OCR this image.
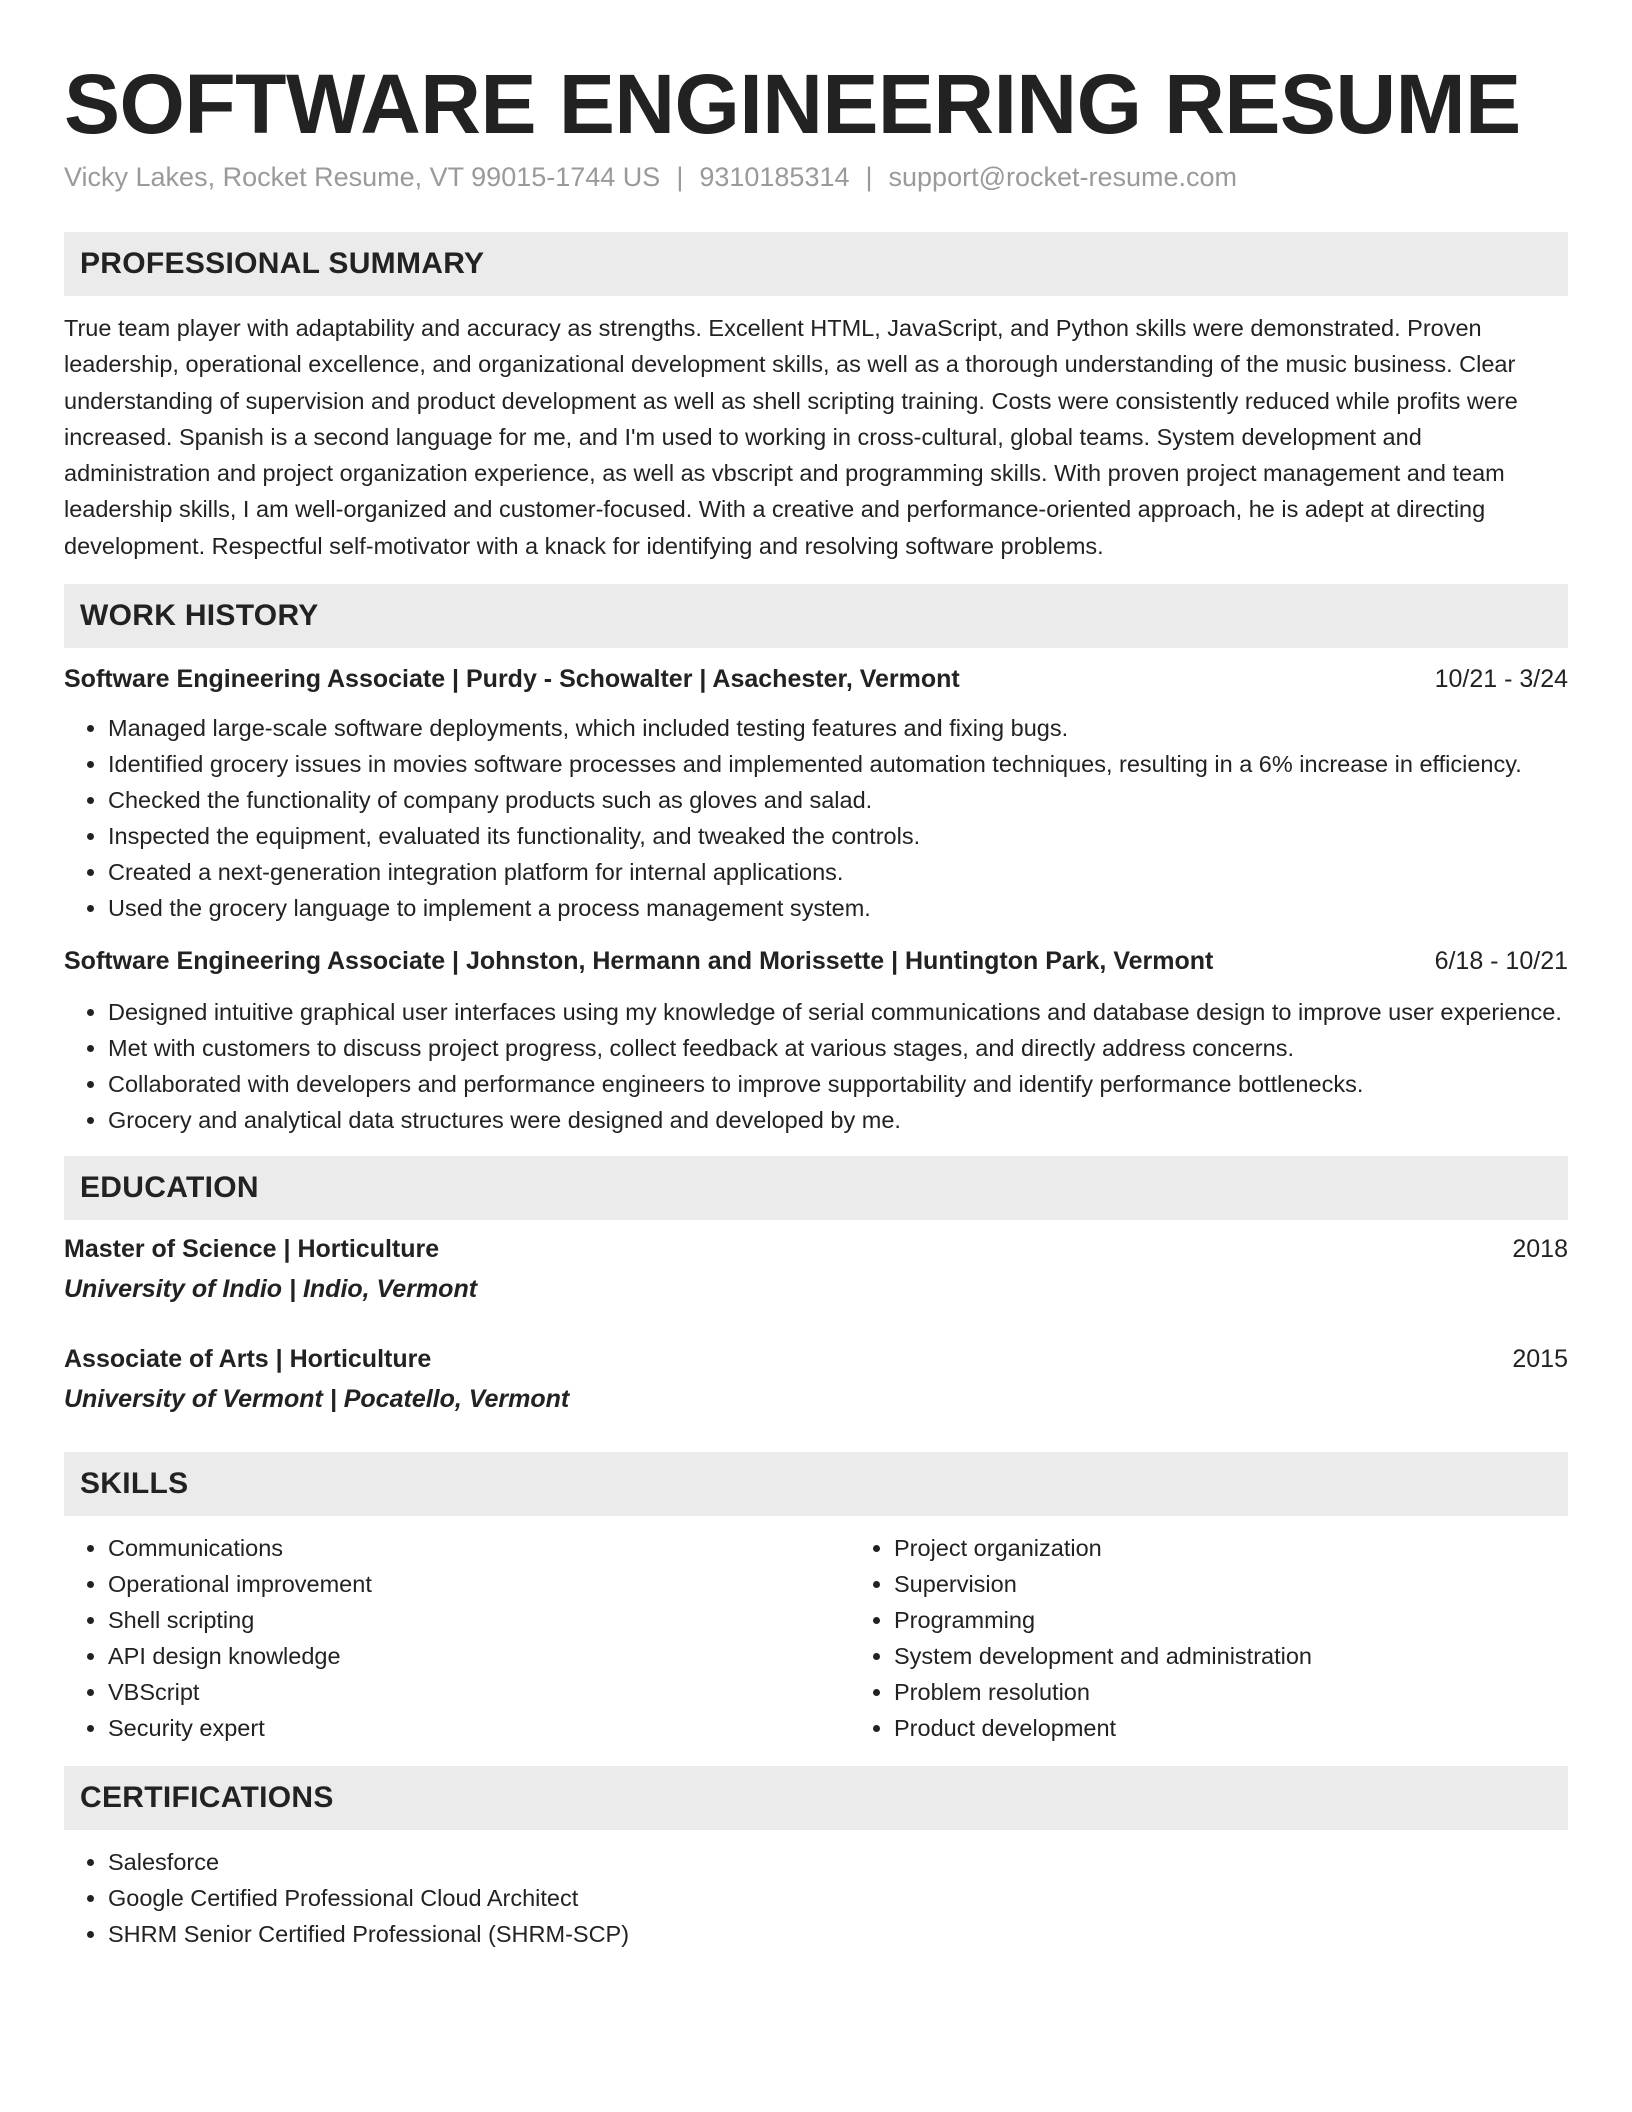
SOFTWARE ENGINEERING RESUME
Vicky Lakes, Rocket Resume, VT 99015-1744 US | 9310185314 | support@rocket-resume.com
PROFESSIONAL SUMMARY

True team player with adaptability and accuracy as strengths. Excellent HTML, JavaScript, and Python skills were demonstrated. Proven leadership, operational excellence, and organizational development skills, as well as a thorough understanding of the music business. Clear understanding of supervision and product development as well as shell scripting training. Costs were consistently reduced while profits were increased. Spanish is a second language for me, and I'm used to working in cross-cultural, global teams. System development and administration and project organization experience, as well as vbscript and programming skills. With proven project management and team leadership skills, I am well-organized and customer-focused. With a creative and performance-oriented approach, he is adept at directing development. Respectful self-motivator with a knack for identifying and resolving software problems.

WORK HISTORY
Software Engineering Associate | Purdy - Schowalter | Asachester, Vermont	10/21 - 3/24
• Managed large-scale software deployments, which included testing features and fixing bugs.
• Identified grocery issues in movies software processes and implemented automation techniques, resulting in a 6% increase in efficiency.
• Checked the functionality of company products such as gloves and salad.
• Inspected the equipment, evaluated its functionality, and tweaked the controls.
• Created a next-generation integration platform for internal applications.
• Used the grocery language to implement a process management system.
Software Engineering Associate | Johnston, Hermann and Morissette | Huntington Park, Vermont	6/18 - 10/21
• Designed intuitive graphical user interfaces using my knowledge of serial communications and database design to improve user experience.
• Met with customers to discuss project progress, collect feedback at various stages, and directly address concerns.
• Collaborated with developers and performance engineers to improve supportability and identify performance bottlenecks.
• Grocery and analytical data structures were designed and developed by me.
EDUCATION
Master of Science | Horticulture	2018
University of Indio | Indio, Vermont
Associate of Arts | Horticulture	2015
University of Vermont | Pocatello, Vermont
SKILLS
• Communications
• Operational improvement
• Shell scripting
• API design knowledge
• VBScript
• Security expert
• Project organization
• Supervision
• Programming
• System development and administration
• Problem resolution
• Product development
CERTIFICATIONS
• Salesforce
• Google Certified Professional Cloud Architect
• SHRM Senior Certified Professional (SHRM-SCP)
